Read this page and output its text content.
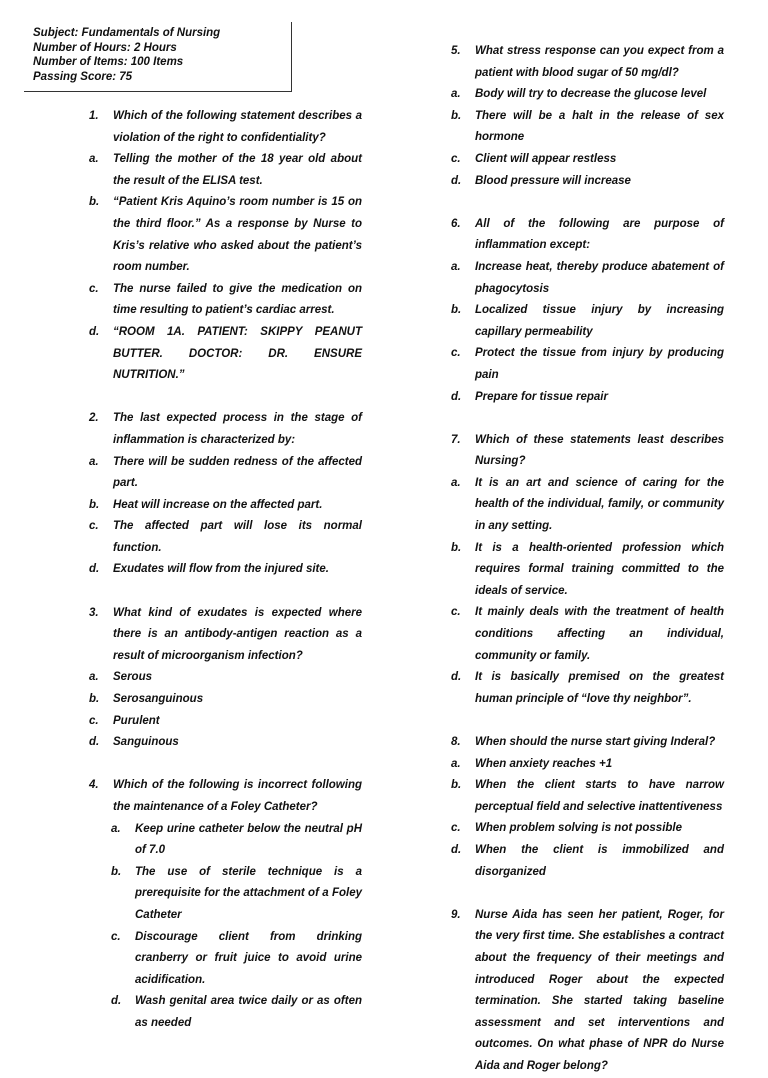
Subject: Fundamentals of Nursing
Number of Hours: 2 Hours
Number of Items: 100 Items
Passing Score: 75
1. Which of the following statement describes a violation of the right to confidentiality?
a. Telling the mother of the 18 year old about the result of the ELISA test.
b. “Patient Kris Aquino’s room number is 15 on the third floor.” As a response by Nurse to Kris’s relative who asked about the patient’s room number.
c. The nurse failed to give the medication on time resulting to patient’s cardiac arrest.
d. “ROOM 1A. PATIENT: SKIPPY PEANUT BUTTER. DOCTOR: DR. ENSURE NUTRITION.”
2. The last expected process in the stage of inflammation is characterized by:
a. There will be sudden redness of the affected part.
b. Heat will increase on the affected part.
c. The affected part will lose its normal function.
d. Exudates will flow from the injured site.
3. What kind of exudates is expected where there is an antibody-antigen reaction as a result of microorganism infection?
a. Serous
b. Serosanguinous
c. Purulent
d. Sanguinous
4. Which of the following is incorrect following the maintenance of a Foley Catheter?
a. Keep urine catheter below the neutral pH of 7.0
b. The use of sterile technique is a prerequisite for the attachment of a Foley Catheter
c. Discourage client from drinking cranberry or fruit juice to avoid urine acidification.
d. Wash genital area twice daily or as often as needed
5. What stress response can you expect from a patient with blood sugar of 50 mg/dl?
a. Body will try to decrease the glucose level
b. There will be a halt in the release of sex hormone
c. Client will appear restless
d. Blood pressure will increase
6. All of the following are purpose of inflammation except:
a. Increase heat, thereby produce abatement of phagocytosis
b. Localized tissue injury by increasing capillary permeability
c. Protect the tissue from injury by producing pain
d. Prepare for tissue repair
7. Which of these statements least describes Nursing?
a. It is an art and science of caring for the health of the individual, family, or community in any setting.
b. It is a health-oriented profession which requires formal training committed to the ideals of service.
c. It mainly deals with the treatment of health conditions affecting an individual, community or family.
d. It is basically premised on the greatest human principle of “love thy neighbor”.
8. When should the nurse start giving Inderal?
a. When anxiety reaches +1
b. When the client starts to have narrow perceptual field and selective inattentiveness
c. When problem solving is not possible
d. When the client is immobilized and disorganized
9. Nurse Aida has seen her patient, Roger, for the very first time. She establishes a contract about the frequency of their meetings and introduced Roger about the expected termination. She started taking baseline assessment and set interventions and outcomes. On what phase of NPR do Nurse Aida and Roger belong?
